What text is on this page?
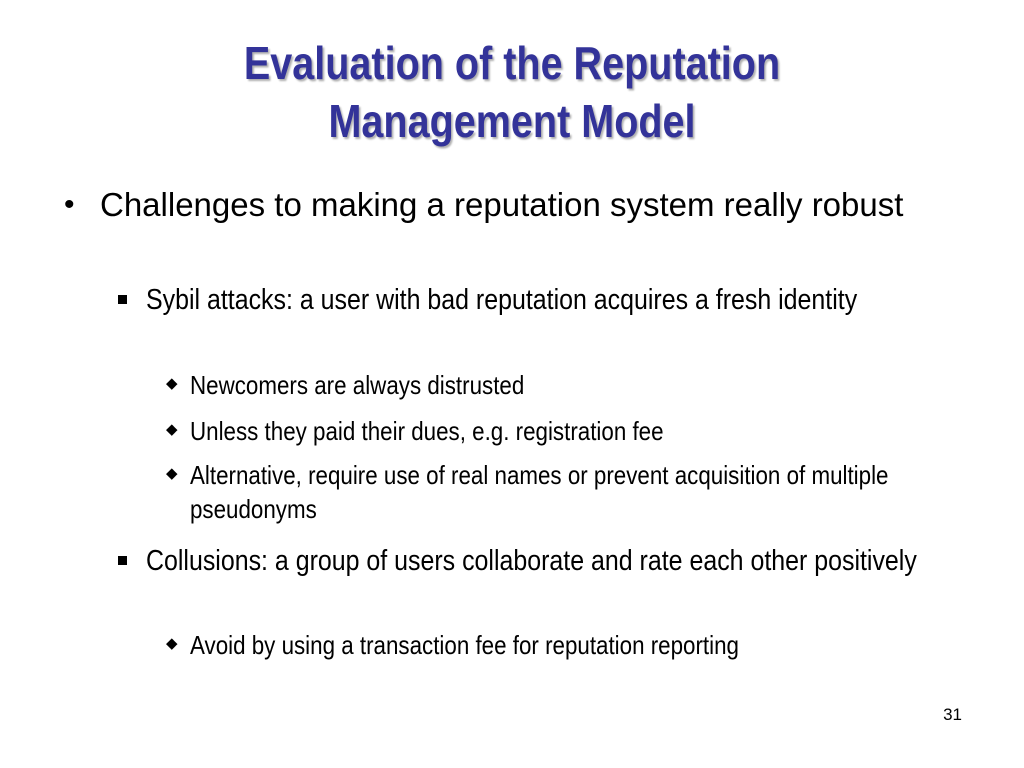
Evaluation of the Reputation
Management Model
• Challenges to making a reputation system really robust
Sybil attacks: a user with bad reputation acquires a fresh identity
◆ Newcomers are always distrusted
◆ Unless they paid their dues, e.g. registration fee
◆ Alternative, require use of real names or prevent acquisition of multiple pseudonyms
Collusions: a group of users collaborate and rate each other positively
◆ Avoid by using a transaction fee for reputation reporting
31
